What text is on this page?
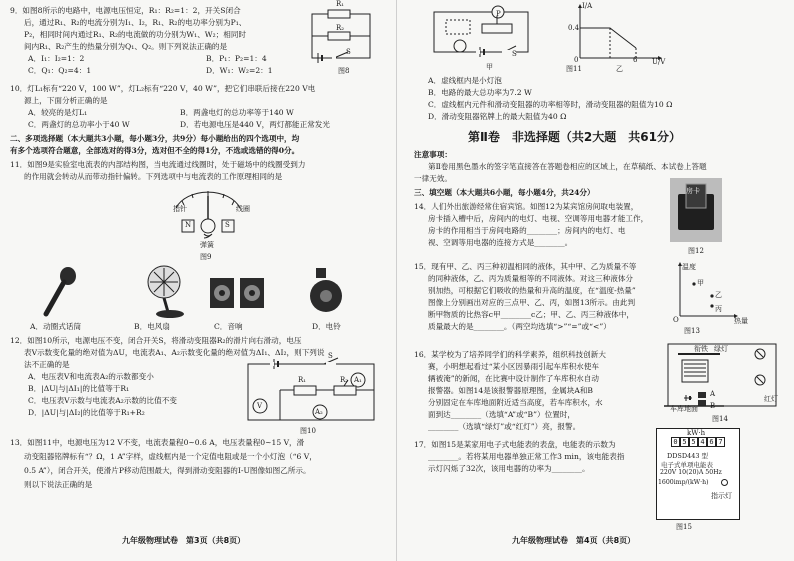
9．如图8所示的电路中，电源电压恒定，R₁：R₂=1：2，开关S闭合
后，通过R₁、R₂的电流分别为I₁、I₂，R₁、R₂的电功率分别为P₁、
P₂，相同时间内通过R₁、R₂的电流做的功分别为W₁、W₂；相同时
间内R₁、R₂产生的热量分别为Q₁、Q₂。则下列说法正确的是
A．I₁：I₂=1：2	B．P₁：P₂=1：4
C．Q₁：Q₂=4：1	D．W₁：W₂=2：1
R₁
R₂
S
图8
10．灯L₁标有“220 V，100 W”，灯L₂标有“220 V，40 W”，把它们串联后接在220 V电
源上，下面分析正确的是
A．较亮的是灯L₁	B．两盏电灯的总功率等于140 W
C．两盏灯的总功率小于40 W	D．若电源电压是440 V，两灯都能正常发光
二、多项选择题（本大题共3小题，每小题3分，共9分）每小题给出的四个选项中，均
有多个选项符合题意，全部选对的得3分，选对但不全的得1分，不选或选错的得0分。
11．如图9是实验室电流表的内部结构图，当电流通过线圈时，处于磁场中的线圈受到力
的作用就会转动从而带动指针偏转。下列选项中与电流表的工作原理相同的是
指针	线圈
N	S
弹簧
图9
A．动圈式话筒	B．电风扇	C．音响	D．电铃
12．如图10所示，电源电压不变，闭合开关S，将滑动变阻器R₂的滑片向右滑动，电压
表V示数变化量的绝对值为ΔU，电流表A₁、A₂示数变化量的绝对值为ΔI₁、ΔI₂，则下列说
法不正确的是
A．电压表V和电流表A₂的示数都变小
B．|ΔU|与|ΔI₁|的比值等于R₁
C．电压表V示数与电流表A₂示数的比值不变
D．|ΔU|与|ΔI₂|的比值等于R₁+R₂
S
A₁
R₁	R₂
V
A₂
图10
13．如图11中，电源电压为12 V不变，电流表量程0~0.6 A，电压表量程0~15 V，滑
动变阻器铭牌标有“？Ω，1 A”字样，虚线框内是一个定值电阻或是一个小灯泡（“6 V，
0.5 A”），闭合开关，使滑片P移动范围最大，得到滑动变阻器的I-U图像如图乙所示。
则以下说法正确的是
九年级物理试卷　第3页（共8页）
P
S
甲
I/A
0.4
0	6 U/V
乙
图11
A．虚线框内是小灯泡
B．电路的最大总功率为7.2 W
C．虚线框内元件和滑动变阻器的功率相等时，滑动变阻器的阻值为10 Ω
D．滑动变阻器铭牌上的最大阻值为40 Ω
第Ⅱ卷　非选择题（共2大题　共61分）
注意事项：
第Ⅱ卷用黑色墨水的签字笔直接答在答题卷相应的区域上，在草稿纸、本试卷上答题
一律无效。
三、填空题（本大题共6小题，每小题4分，共24分）
14．人们外出旅游经常住宿宾馆。如图12为某宾馆房间取电装置，
房卡插入槽中后，房间内的电灯、电视、空调等用电器才能工作，
房卡的作用相当于房间电路的________；房间内的电灯、电
视、空调等用电器的连接方式是________。
房卡
图12
15．现有甲、乙、丙三种初温相同的液体，其中甲、乙为质量不等
的同种液体，乙、丙为质量相等的不同液体。对这三种液体分
别加热，可根据它们吸收的热量和升高的温度，在“温度-热量”
图像上分别画出对应的三点甲、乙、丙，如图13所示。由此判
断甲物质的比热容c甲________c乙；甲、乙、丙三种液体中，
质量最大的是________。（两空均选填“>”“=”或“<”）
温度
热量
O
甲
乙
丙
图13
16．某学校为了培养同学们的科学素养，组织科技创新大
赛，小明想起看过“某小区因暴雨引起车库积水使车
辆被淹”的新闻，在比赛中设计制作了车库积水自动
报警器。如图14是该报警器原理图，金属块A和B
分别固定在车库地面附近适当高度，若车库积水，水
面到达________（选填“A”或“B”）位置时，
________（选填“绿灯”或“红灯”）亮，报警。
绿灯
红灯
衔铁
车库地面
A
B
图14
17．如图15是某家用电子式电能表的表盘，电能表的示数为
________。若将某用电器单独正常工作3 min，该电能表指
示灯闪烁了32次，该用电器的功率为________。
kW·h
0 5 5 4 6 7
DDSD443 型
电子式单项电能表
220V 10(20)A 50Hz
1600imp/(kW·h)
指示灯
图15
九年级物理试卷　第4页（共8页）
